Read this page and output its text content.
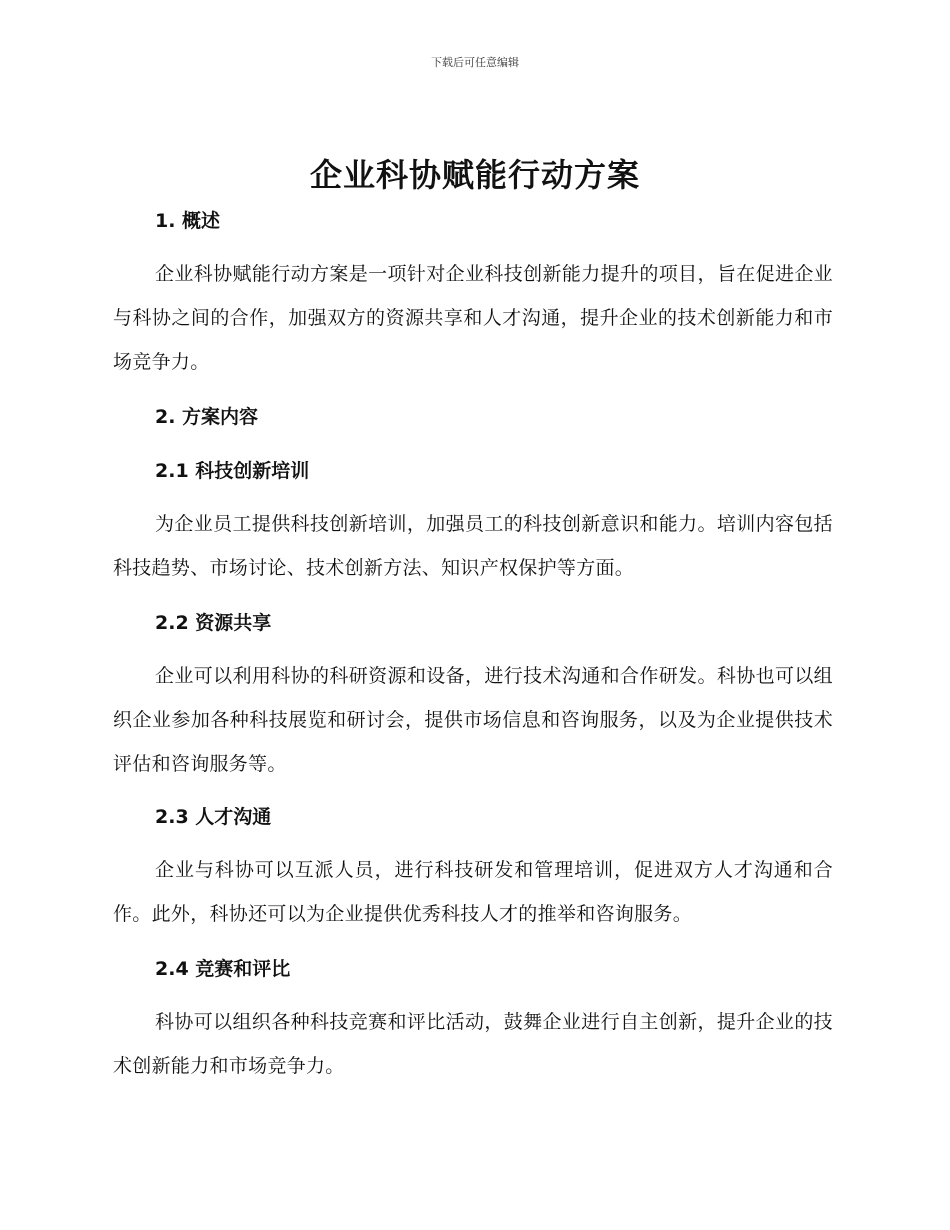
下载后可任意编辑
企业科协赋能行动方案
1. 概述
企业科协赋能行动方案是一项针对企业科技创新能力提升的项目，旨在促进企业与科协之间的合作，加强双方的资源共享和人才沟通，提升企业的技术创新能力和市场竞争力。
2. 方案内容
2.1 科技创新培训
为企业员工提供科技创新培训，加强员工的科技创新意识和能力。培训内容包括科技趋势、市场讨论、技术创新方法、知识产权保护等方面。
2.2 资源共享
企业可以利用科协的科研资源和设备，进行技术沟通和合作研发。科协也可以组织企业参加各种科技展览和研讨会，提供市场信息和咨询服务，以及为企业提供技术评估和咨询服务等。
2.3 人才沟通
企业与科协可以互派人员，进行科技研发和管理培训，促进双方人才沟通和合作。此外，科协还可以为企业提供优秀科技人才的推举和咨询服务。
2.4 竞赛和评比
科协可以组织各种科技竞赛和评比活动，鼓舞企业进行自主创新，提升企业的技术创新能力和市场竞争力。
